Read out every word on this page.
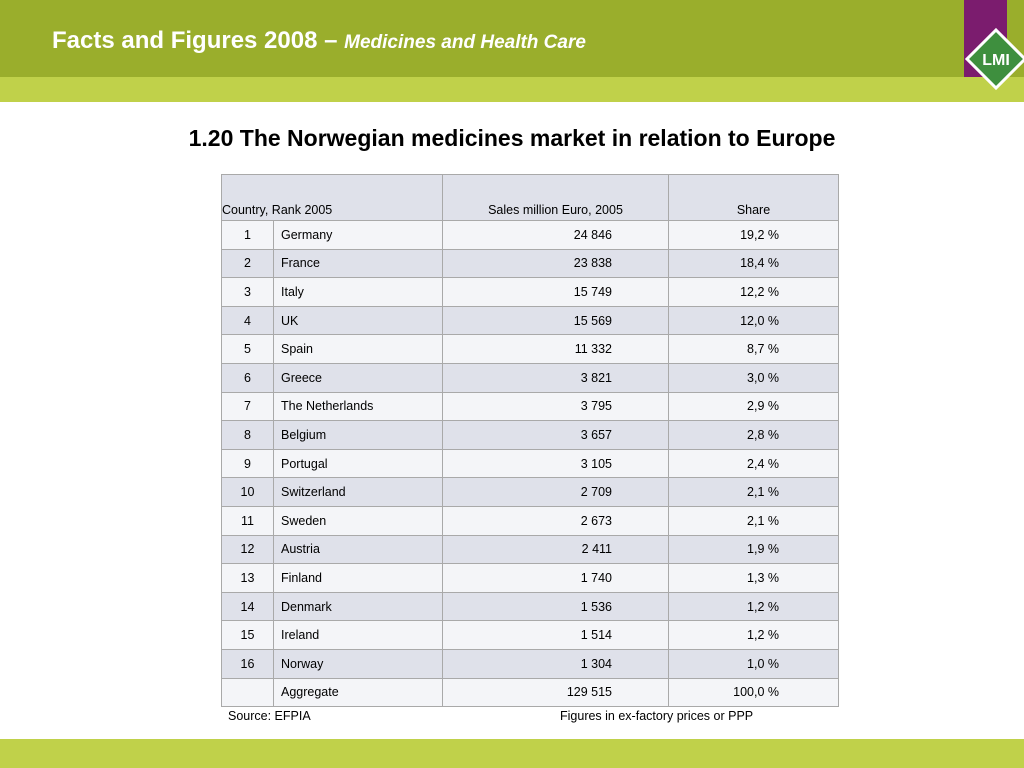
Facts and Figures 2008 – Medicines and Health Care
LMI
1.20 The Norwegian medicines market in relation to Europe
Country, Rank 2005		Sales million Euro, 2005	Share
1	Germany	24 846	19,2 %
2	France	23 838	18,4 %
3	Italy	15 749	12,2 %
4	UK	15 569	12,0 %
5	Spain	11 332	8,7 %
6	Greece	3 821	3,0 %
7	The Netherlands	3 795	2,9 %
8	Belgium	3 657	2,8 %
9	Portugal	3 105	2,4 %
10	Switzerland	2 709	2,1 %
11	Sweden	2 673	2,1 %
12	Austria	2 411	1,9 %
13	Finland	1 740	1,3 %
14	Denmark	1 536	1,2 %
15	Ireland	1 514	1,2 %
16	Norway	1 304	1,0 %
	Aggregate	129 515	100,0 %
Source: EFPIA	Figures in ex-factory prices or PPP
